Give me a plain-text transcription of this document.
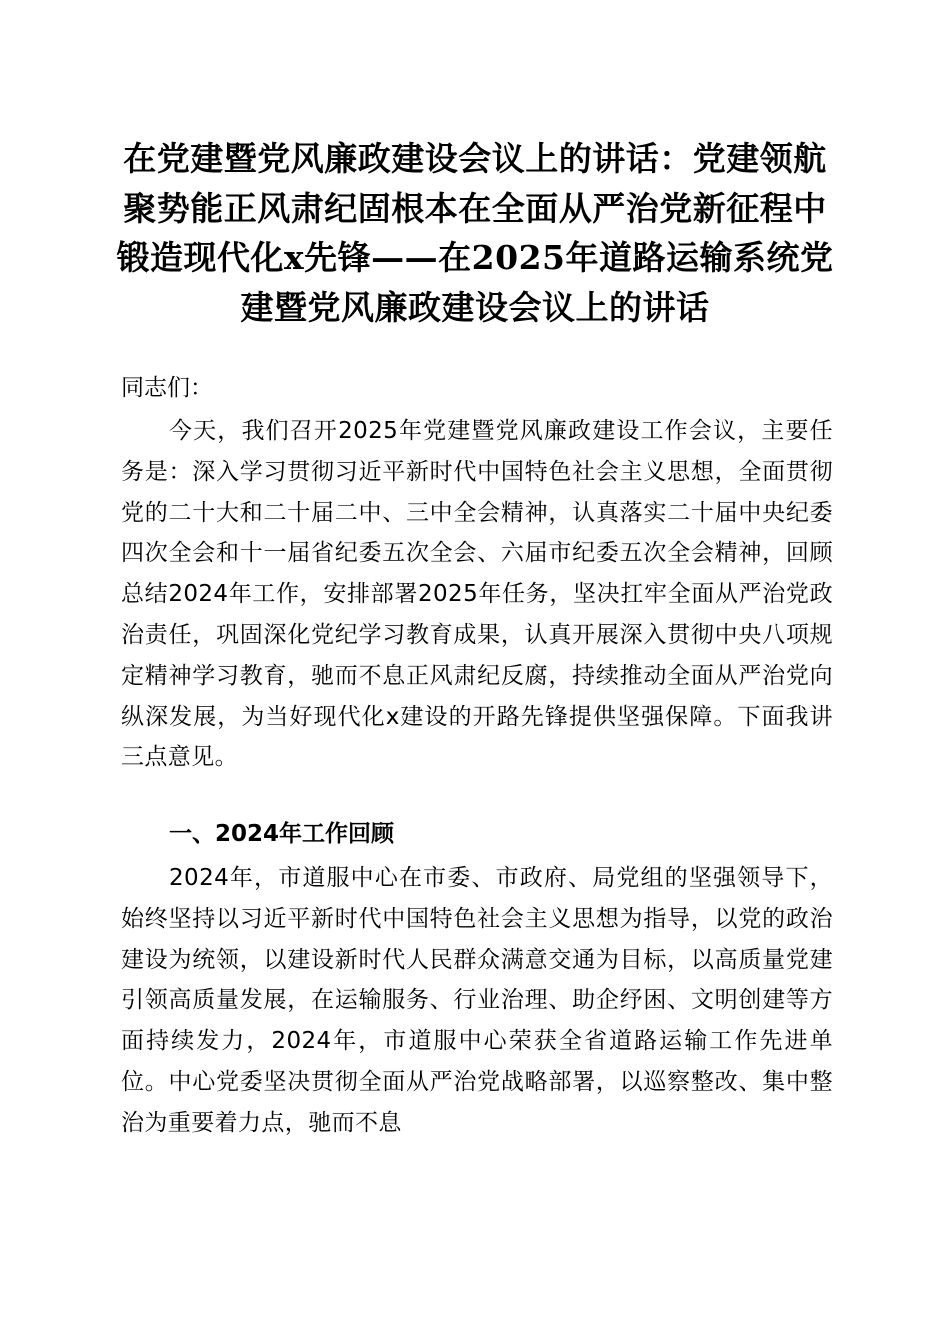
在党建暨党风廉政建设会议上的讲话：党建领航聚势能正风肃纪固根本在全面从严治党新征程中锻造现代化x先锋——在2025年道路运输系统党建暨党风廉政建设会议上的讲话

同志们：

今天，我们召开2025年党建暨党风廉政建设工作会议，主要任务是：深入学习贯彻习近平新时代中国特色社会主义思想，全面贯彻党的二十大和二十届二中、三中全会精神，认真落实二十届中央纪委四次全会和十一届省纪委五次全会、六届市纪委五次全会精神，回顾总结2024年工作，安排部署2025年任务，坚决扛牢全面从严治党政治责任，巩固深化党纪学习教育成果，认真开展深入贯彻中央八项规定精神学习教育，驰而不息正风肃纪反腐，持续推动全面从严治党向纵深发展，为当好现代化x建设的开路先锋提供坚强保障。下面我讲三点意见。

一、2024年工作回顾

2024年，市道服中心在市委、市政府、局党组的坚强领导下，始终坚持以习近平新时代中国特色社会主义思想为指导，以党的政治建设为统领，以建设新时代人民群众满意交通为目标，以高质量党建引领高质量发展，在运输服务、行业治理、助企纾困、文明创建等方面持续发力，2024年，市道服中心荣获全省道路运输工作先进单位。中心党委坚决贯彻全面从严治党战略部署，以巡察整改、集中整治为重要着力点，驰而不息
